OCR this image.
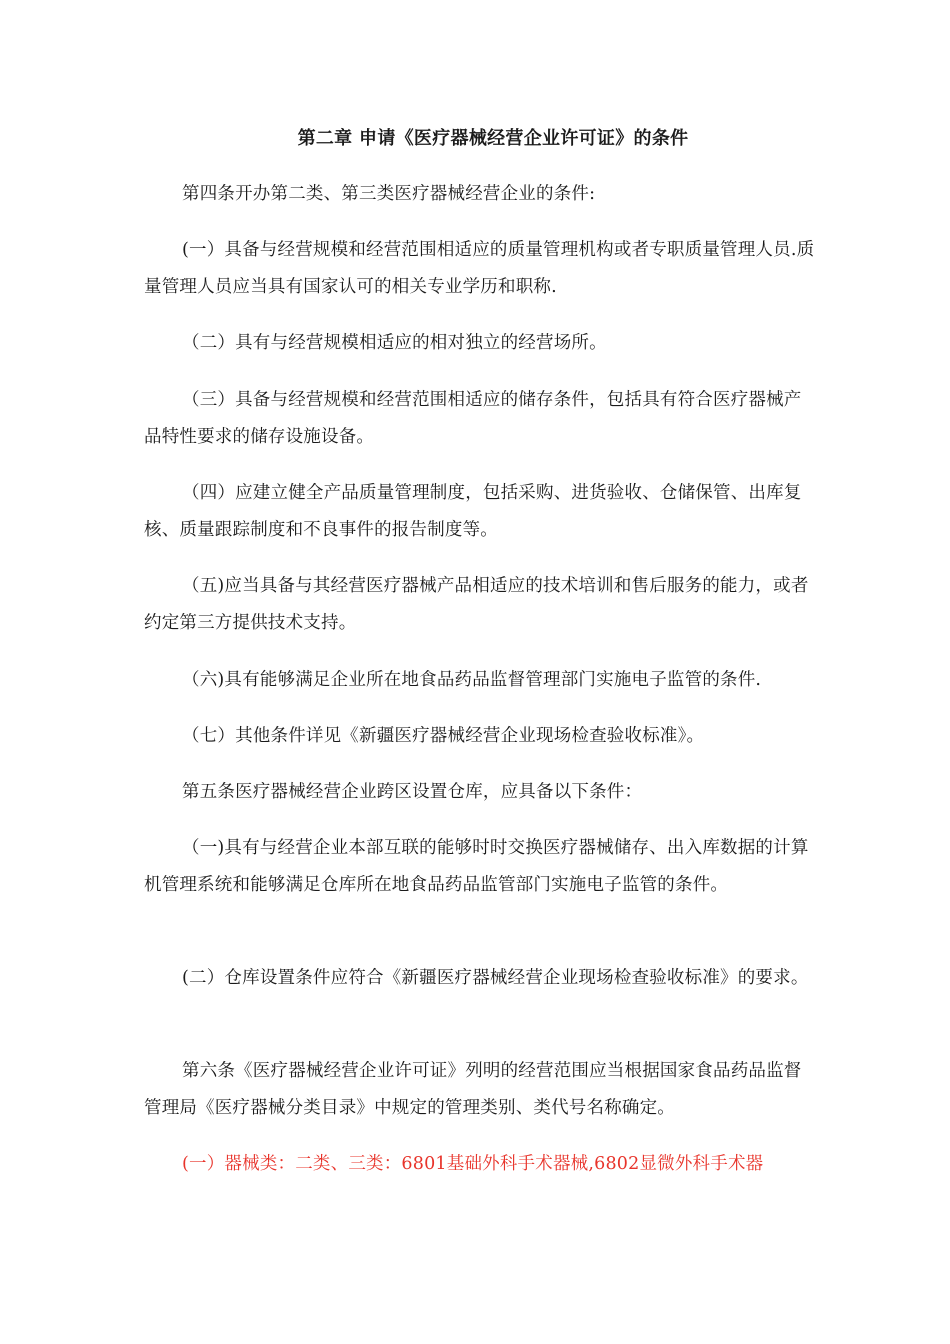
第二章 申请《医疗器械经营企业许可证》的条件
第四条开办第二类、第三类医疗器械经营企业的条件:
(一）具备与经营规模和经营范围相适应的质量管理机构或者专职质量管理人员.质量管理人员应当具有国家认可的相关专业学历和职称.
（二）具有与经营规模相适应的相对独立的经营场所。
（三）具备与经营规模和经营范围相适应的储存条件，包括具有符合医疗器械产品特性要求的储存设施设备。
（四）应建立健全产品质量管理制度，包括采购、进货验收、仓储保管、出库复核、质量跟踪制度和不良事件的报告制度等。
（五)应当具备与其经营医疗器械产品相适应的技术培训和售后服务的能力，或者约定第三方提供技术支持。
（六)具有能够满足企业所在地食品药品监督管理部门实施电子监管的条件.
（七）其他条件详见《新疆医疗器械经营企业现场检查验收标准》。
第五条医疗器械经营企业跨区设置仓库，应具备以下条件：
（一)具有与经营企业本部互联的能够时时交换医疗器械储存、出入库数据的计算机管理系统和能够满足仓库所在地食品药品监管部门实施电子监管的条件。
(二）仓库设置条件应符合《新疆医疗器械经营企业现场检查验收标准》的要求。
第六条《医疗器械经营企业许可证》列明的经营范围应当根据国家食品药品监督管理局《医疗器械分类目录》中规定的管理类别、类代号名称确定。
(一）器械类：二类、三类：6801基础外科手术器械,6802显微外科手术器
